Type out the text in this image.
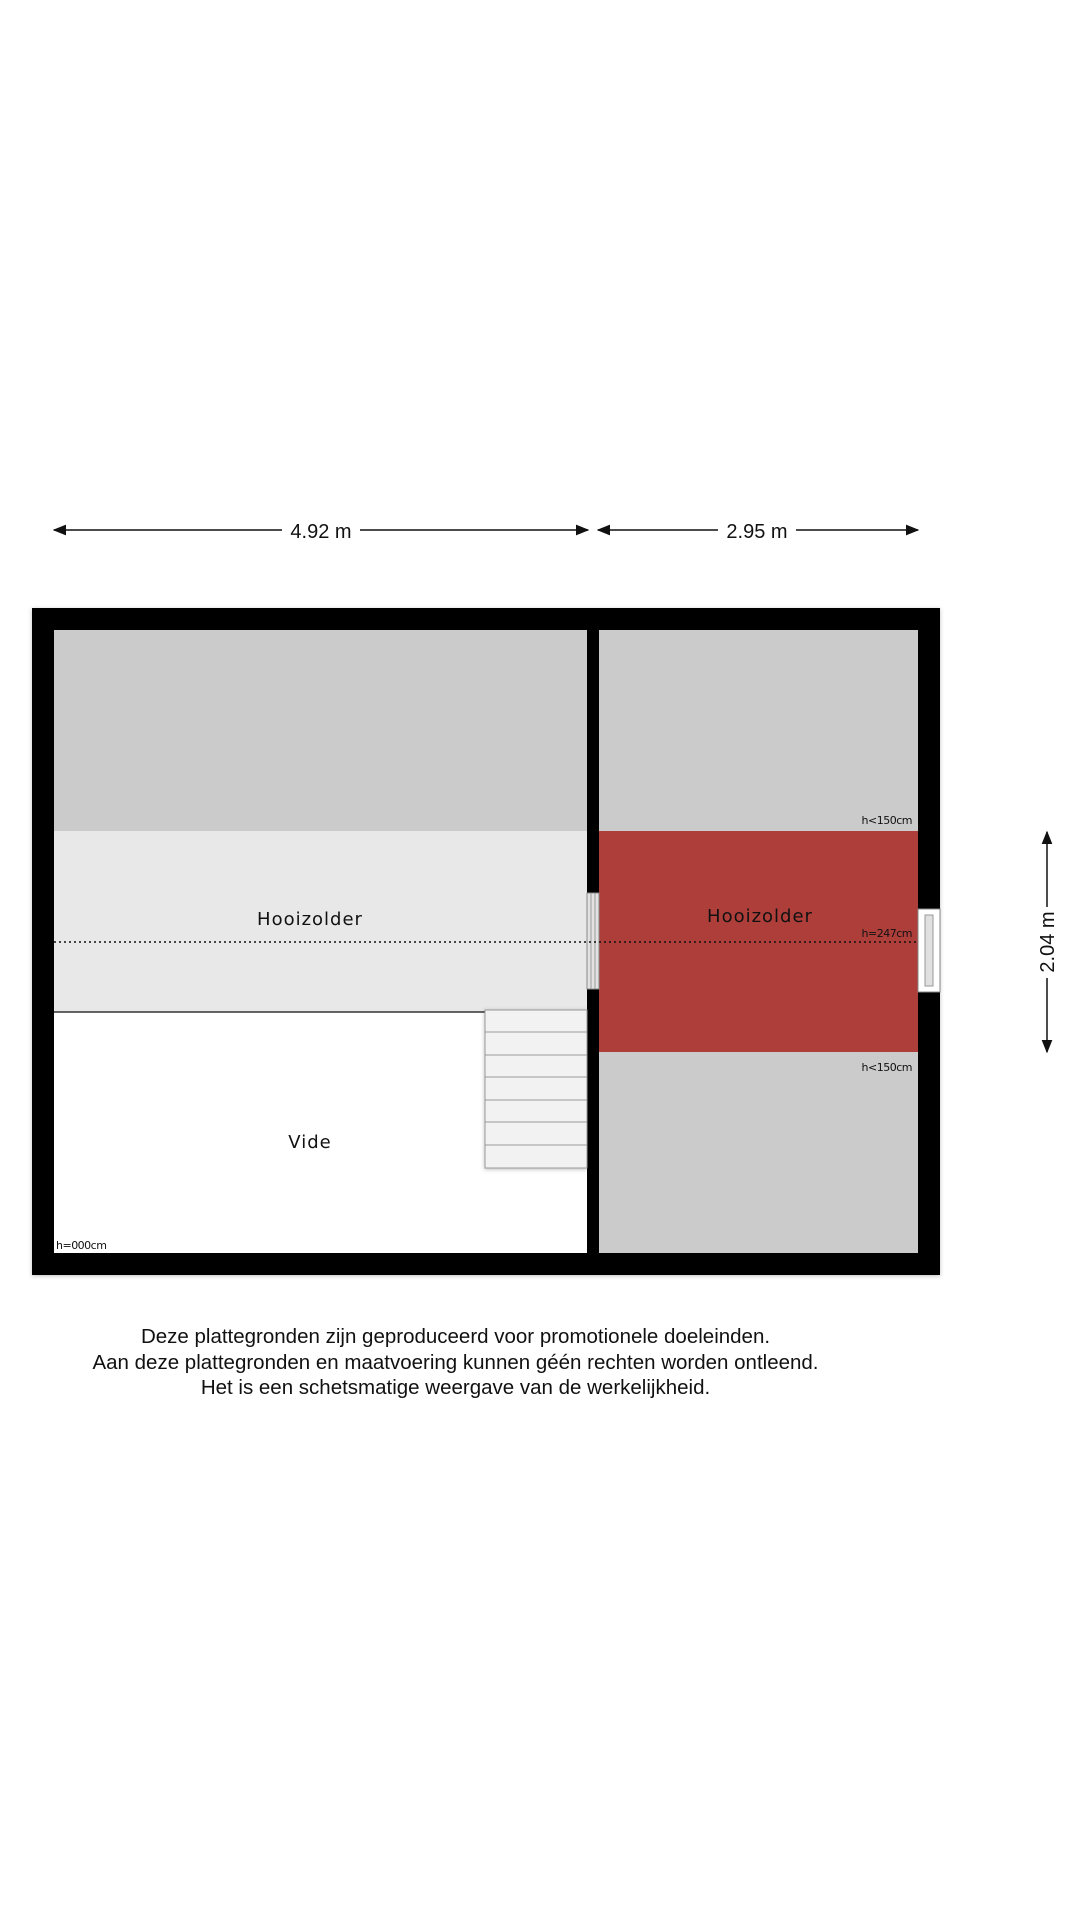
4.92 m	2.95 m
2.04 m
Hooizolder
Vide
Hooizolder
h<150cm
h=247cm
h<150cm
h=000cm
Deze plattegronden zijn geproduceerd voor promotionele doeleinden.
Aan deze plattegronden en maatvoering kunnen géén rechten worden ontleend.
Het is een schetsmatige weergave van de werkelijkheid.
